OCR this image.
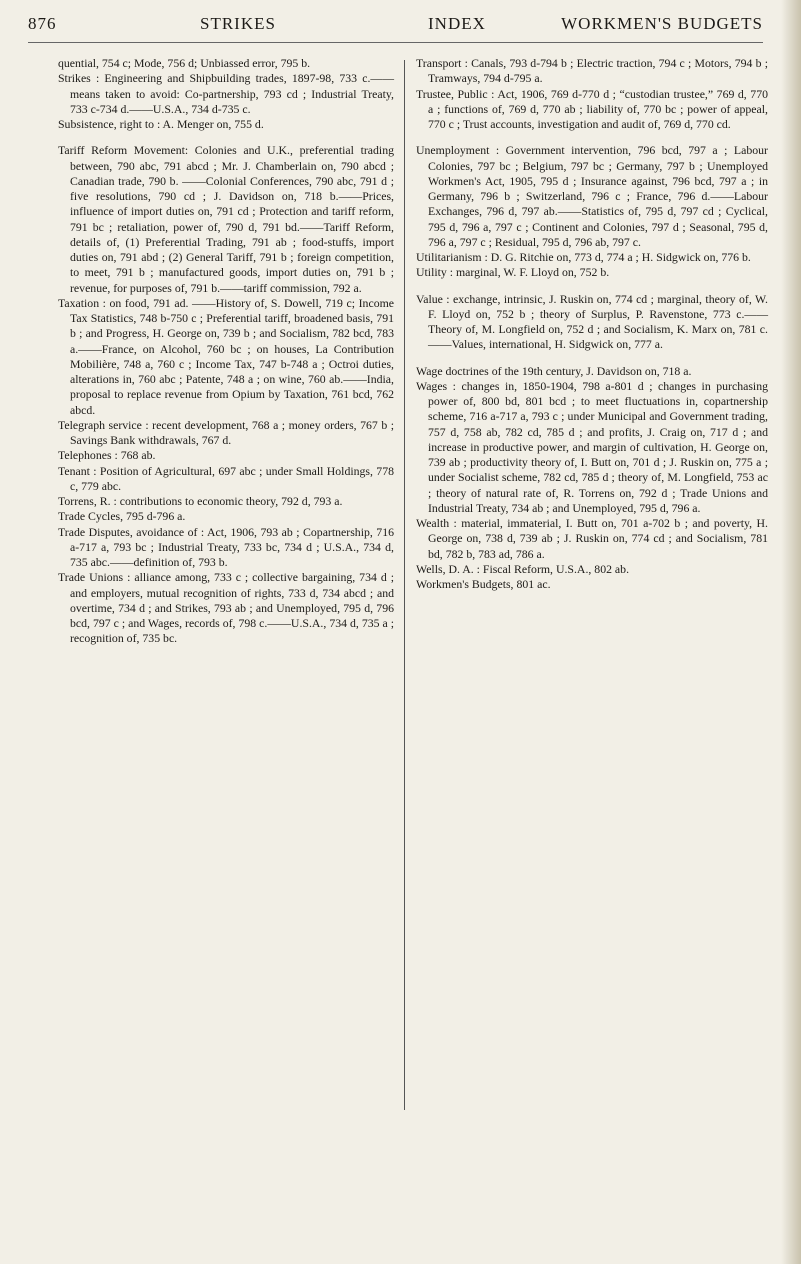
876	STRIKES	INDEX	WORKMEN'S BUDGETS

quential, 754 c; Mode, 756 d; Unbiassed error, 795 b.

Strikes : Engineering and Shipbuilding trades, 1897-98, 733 c.——means taken to avoid: Co-partnership, 793 cd ; Industrial Treaty, 733 c-734 d.——U.S.A., 734 d-735 c.

Subsistence, right to : A. Menger on, 755 d.

Tariff Reform Movement: Colonies and U.K., preferential trading between, 790 abc, 791 abcd ; Mr. J. Chamberlain on, 790 abcd ; Canadian trade, 790 b. ——Colonial Conferences, 790 abc, 791 d ; five resolutions, 790 cd ; J. Davidson on, 718 b.——Prices, influence of import duties on, 791 cd ; Protection and tariff reform, 791 bc ; retaliation, power of, 790 d, 791 bd.——Tariff Reform, details of, (1) Preferential Trading, 791 ab ; food-stuffs, import duties on, 791 abd ; (2) General Tariff, 791 b ; foreign competition, to meet, 791 b ; manufactured goods, import duties on, 791 b ; revenue, for purposes of, 791 b.——tariff commission, 792 a.

Taxation : on food, 791 ad. ——History of, S. Dowell, 719 c; Income Tax Statistics, 748 b-750 c ; Preferential tariff, broadened basis, 791 b ; and Progress, H. George on, 739 b ; and Socialism, 782 bcd, 783 a.——France, on Alcohol, 760 bc ; on houses, La Contribution Mobilière, 748 a, 760 c ; Income Tax, 747 b-748 a ; Octroi duties, alterations in, 760 abc ; Patente, 748 a ; on wine, 760 ab.——India, proposal to replace revenue from Opium by Taxation, 761 bcd, 762 abcd.

Telegraph service : recent development, 768 a ; money orders, 767 b ; Savings Bank withdrawals, 767 d.

Telephones : 768 ab.

Tenant : Position of Agricultural, 697 abc ; under Small Holdings, 778 c, 779 abc.

Torrens, R. : contributions to economic theory, 792 d, 793 a.

Trade Cycles, 795 d-796 a.

Trade Disputes, avoidance of : Act, 1906, 793 ab ; Copartnership, 716 a-717 a, 793 bc ; Industrial Treaty, 733 bc, 734 d ; U.S.A., 734 d, 735 abc.——definition of, 793 b.

Trade Unions : alliance among, 733 c ; collective bargaining, 734 d ; and employers, mutual recognition of rights, 733 d, 734 abcd ; and overtime, 734 d ; and Strikes, 793 ab ; and Unemployed, 795 d, 796 bcd, 797 c ; and Wages, records of, 798 c.——U.S.A., 734 d, 735 a ; recognition of, 735 bc.

Transport : Canals, 793 d-794 b ; Electric traction, 794 c ; Motors, 794 b ; Tramways, 794 d-795 a.

Trustee, Public : Act, 1906, 769 d-770 d ; “custodian trustee,” 769 d, 770 a ; functions of, 769 d, 770 ab ; liability of, 770 bc ; power of appeal, 770 c ; Trust accounts, investigation and audit of, 769 d, 770 cd.

Unemployment : Government intervention, 796 bcd, 797 a ; Labour Colonies, 797 bc ; Belgium, 797 bc ; Germany, 797 b ; Unemployed Workmen's Act, 1905, 795 d ; Insurance against, 796 bcd, 797 a ; in Germany, 796 b ; Switzerland, 796 c ; France, 796 d.——Labour Exchanges, 796 d, 797 ab.——Statistics of, 795 d, 797 cd ; Cyclical, 795 d, 796 a, 797 c ; Continent and Colonies, 797 d ; Seasonal, 795 d, 796 a, 797 c ; Residual, 795 d, 796 ab, 797 c.

Utilitarianism : D. G. Ritchie on, 773 d, 774 a ; H. Sidgwick on, 776 b.

Utility : marginal, W. F. Lloyd on, 752 b.

Value : exchange, intrinsic, J. Ruskin on, 774 cd ; marginal, theory of, W. F. Lloyd on, 752 b ; theory of Surplus, P. Ravenstone, 773 c.—— Theory of, M. Longfield on, 752 d ; and Socialism, K. Marx on, 781 c. ——Values, international, H. Sidgwick on, 777 a.

Wage doctrines of the 19th century, J. Davidson on, 718 a.

Wages : changes in, 1850-1904, 798 a-801 d ; changes in purchasing power of, 800 bd, 801 bcd ; to meet fluctuations in, copartnership scheme, 716 a-717 a, 793 c ; under Municipal and Government trading, 757 d, 758 ab, 782 cd, 785 d ; and profits, J. Craig on, 717 d ; and increase in productive power, and margin of cultivation, H. George on, 739 ab ; productivity theory of, I. Butt on, 701 d ; J. Ruskin on, 775 a ; under Socialist scheme, 782 cd, 785 d ; theory of, M. Longfield, 753 ac ; theory of natural rate of, R. Torrens on, 792 d ; Trade Unions and Industrial Treaty, 734 ab ; and Unemployed, 795 d, 796 a.

Wealth : material, immaterial, I. Butt on, 701 a-702 b ; and poverty, H. George on, 738 d, 739 ab ; J. Ruskin on, 774 cd ; and Socialism, 781 bd, 782 b, 783 ad, 786 a.

Wells, D. A. : Fiscal Reform, U.S.A., 802 ab.

Workmen's Budgets, 801 ac.
